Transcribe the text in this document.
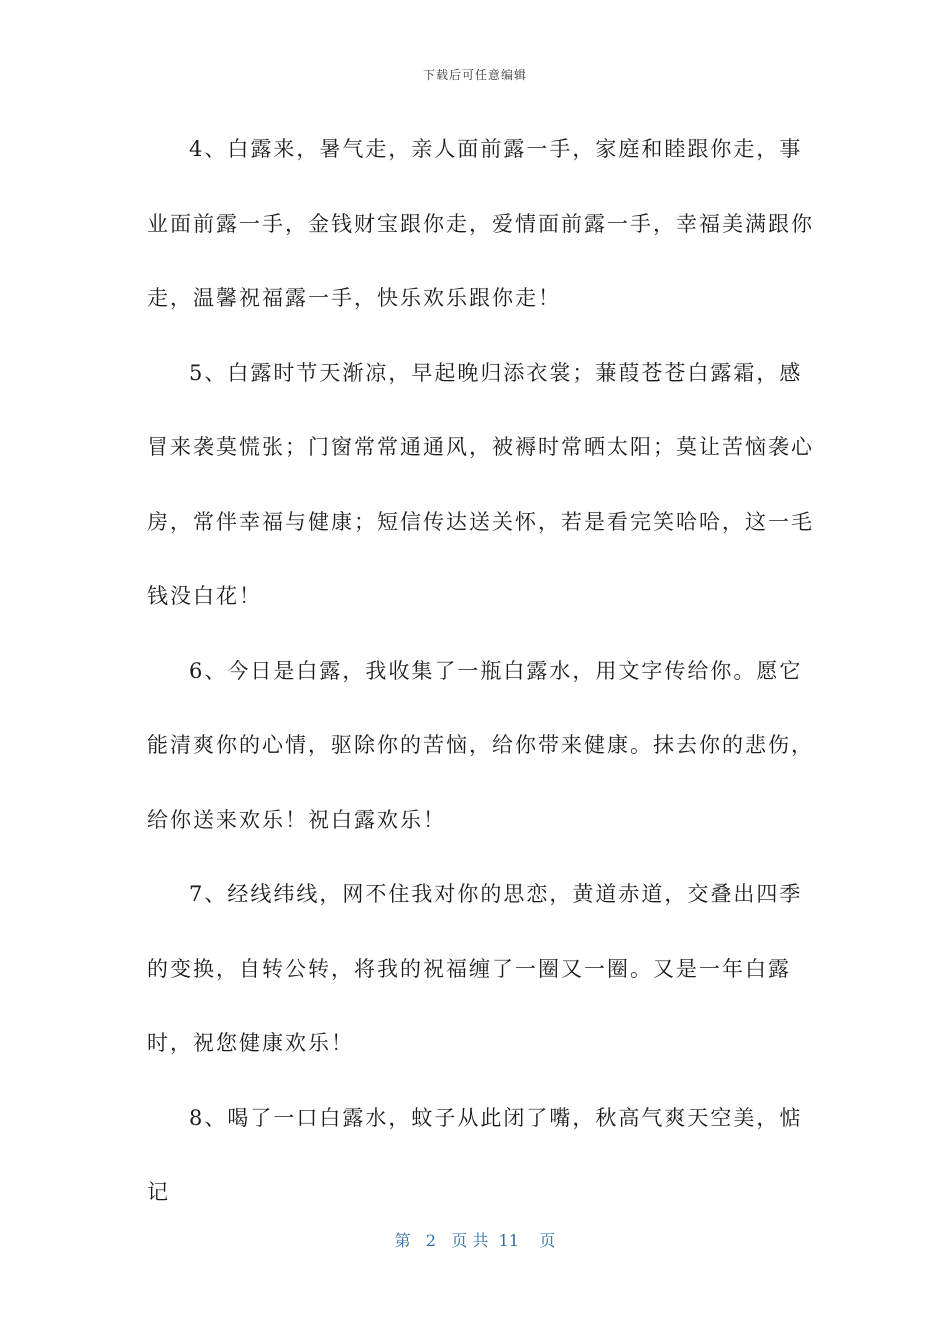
下载后可任意编辑

4、白露来，暑气走，亲人面前露一手，家庭和睦跟你走，事业面前露一手，金钱财宝跟你走，爱情面前露一手，幸福美满跟你走，温馨祝福露一手，快乐欢乐跟你走！

5、白露时节天渐凉，早起晚归添衣裳；蒹葭苍苍白露霜，感冒来袭莫慌张；门窗常常通通风，被褥时常晒太阳；莫让苦恼袭心房，常伴幸福与健康；短信传达送关怀，若是看完笑哈哈，这一毛钱没白花！

6、今日是白露，我收集了一瓶白露水，用文字传给你。愿它能清爽你的心情，驱除你的苦恼，给你带来健康。抹去你的悲伤，给你送来欢乐！祝白露欢乐！

7、经线纬线，网不住我对你的思恋，黄道赤道，交叠出四季的变换，自转公转，将我的祝福缠了一圈又一圈。又是一年白露时，祝您健康欢乐！

8、喝了一口白露水，蚊子从此闭了嘴，秋高气爽天空美，惦记

第 2 页 共 11 页
